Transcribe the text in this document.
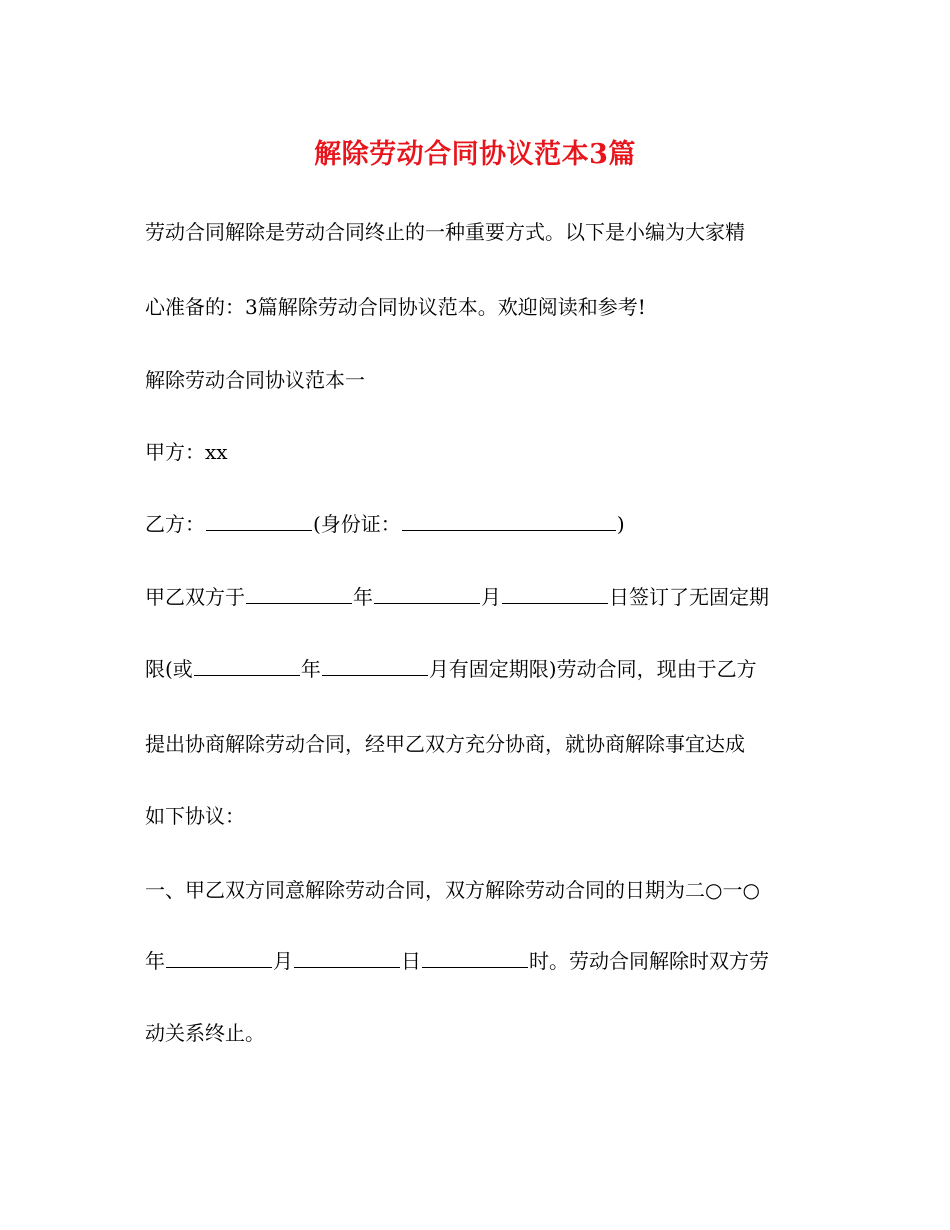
解除劳动合同协议范本3篇
劳动合同解除是劳动合同终止的一种重要方式。以下是小编为大家精
心准备的：3篇解除劳动合同协议范本。欢迎阅读和参考!
解除劳动合同协议范本一
甲方：xx
乙方：	(身份证：	)
甲乙双方于	年	月	日签订了无固定期
限(或	年	月有固定期限)劳动合同，现由于乙方
提出协商解除劳动合同，经甲乙双方充分协商，就协商解除事宜达成
如下协议：
一、甲乙双方同意解除劳动合同，双方解除劳动合同的日期为二○一○
年	月	日	时。劳动合同解除时双方劳
动关系终止。
